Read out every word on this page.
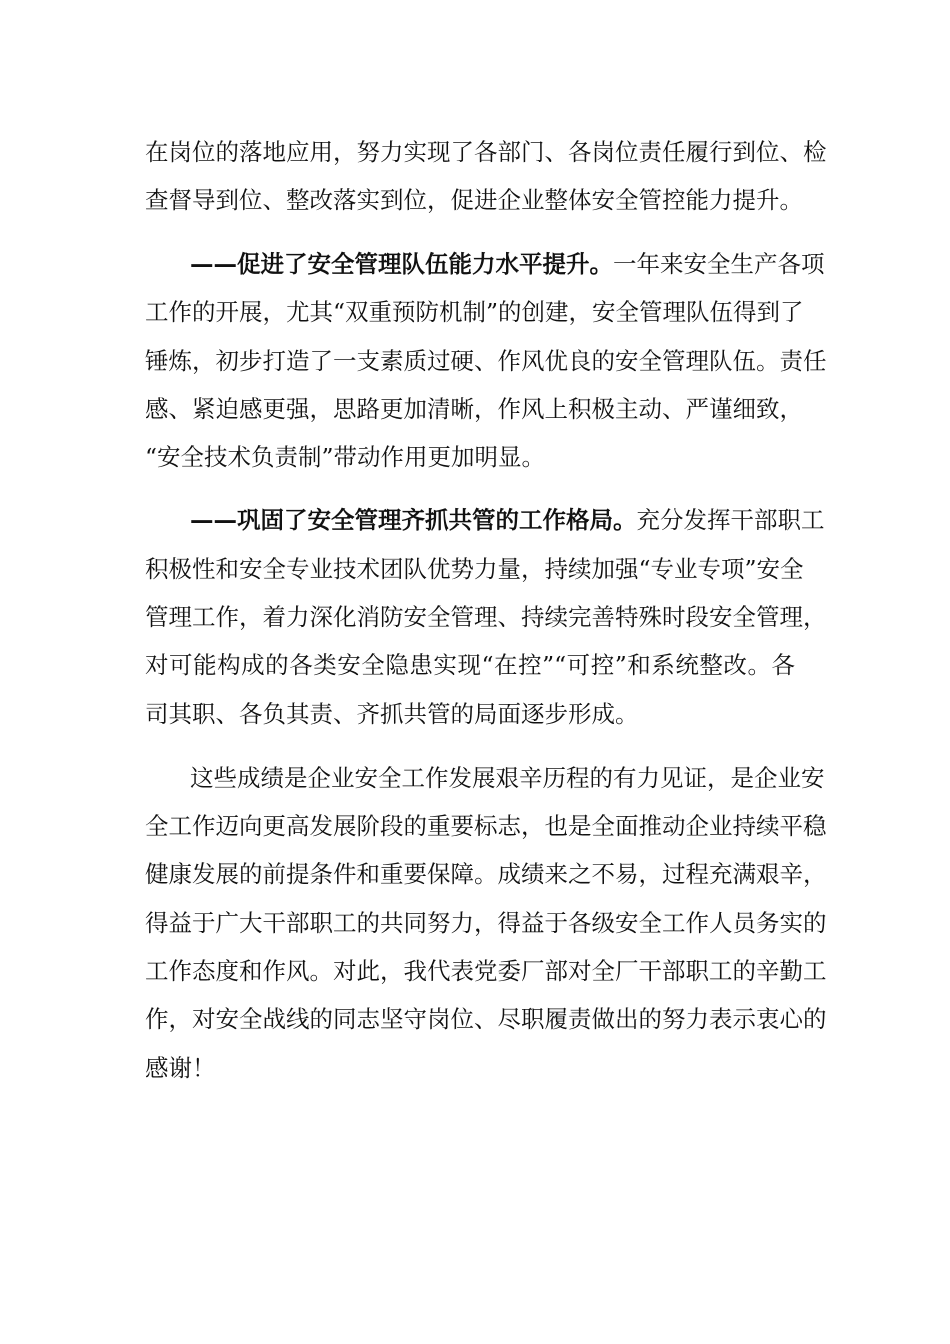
在岗位的落地应用，努力实现了各部门、各岗位责任履行到位、检
查督导到位、整改落实到位，促进企业整体安全管控能力提升。
——促进了安全管理队伍能力水平提升。一年来安全生产各项
工作的开展，尤其“双重预防机制”的创建，安全管理队伍得到了
锤炼，初步打造了一支素质过硬、作风优良的安全管理队伍。责任
感、紧迫感更强，思路更加清晰，作风上积极主动、严谨细致，
“安全技术负责制”带动作用更加明显。
——巩固了安全管理齐抓共管的工作格局。充分发挥干部职工
积极性和安全专业技术团队优势力量，持续加强“专业专项”安全
管理工作，着力深化消防安全管理、持续完善特殊时段安全管理，
对可能构成的各类安全隐患实现“在控”“可控”和系统整改。各
司其职、各负其责、齐抓共管的局面逐步形成。
这些成绩是企业安全工作发展艰辛历程的有力见证，是企业安
全工作迈向更高发展阶段的重要标志，也是全面推动企业持续平稳
健康发展的前提条件和重要保障。成绩来之不易，过程充满艰辛，
得益于广大干部职工的共同努力，得益于各级安全工作人员务实的
工作态度和作风。对此，我代表党委厂部对全厂干部职工的辛勤工
作，对安全战线的同志坚守岗位、尽职履责做出的努力表示衷心的
感谢！
